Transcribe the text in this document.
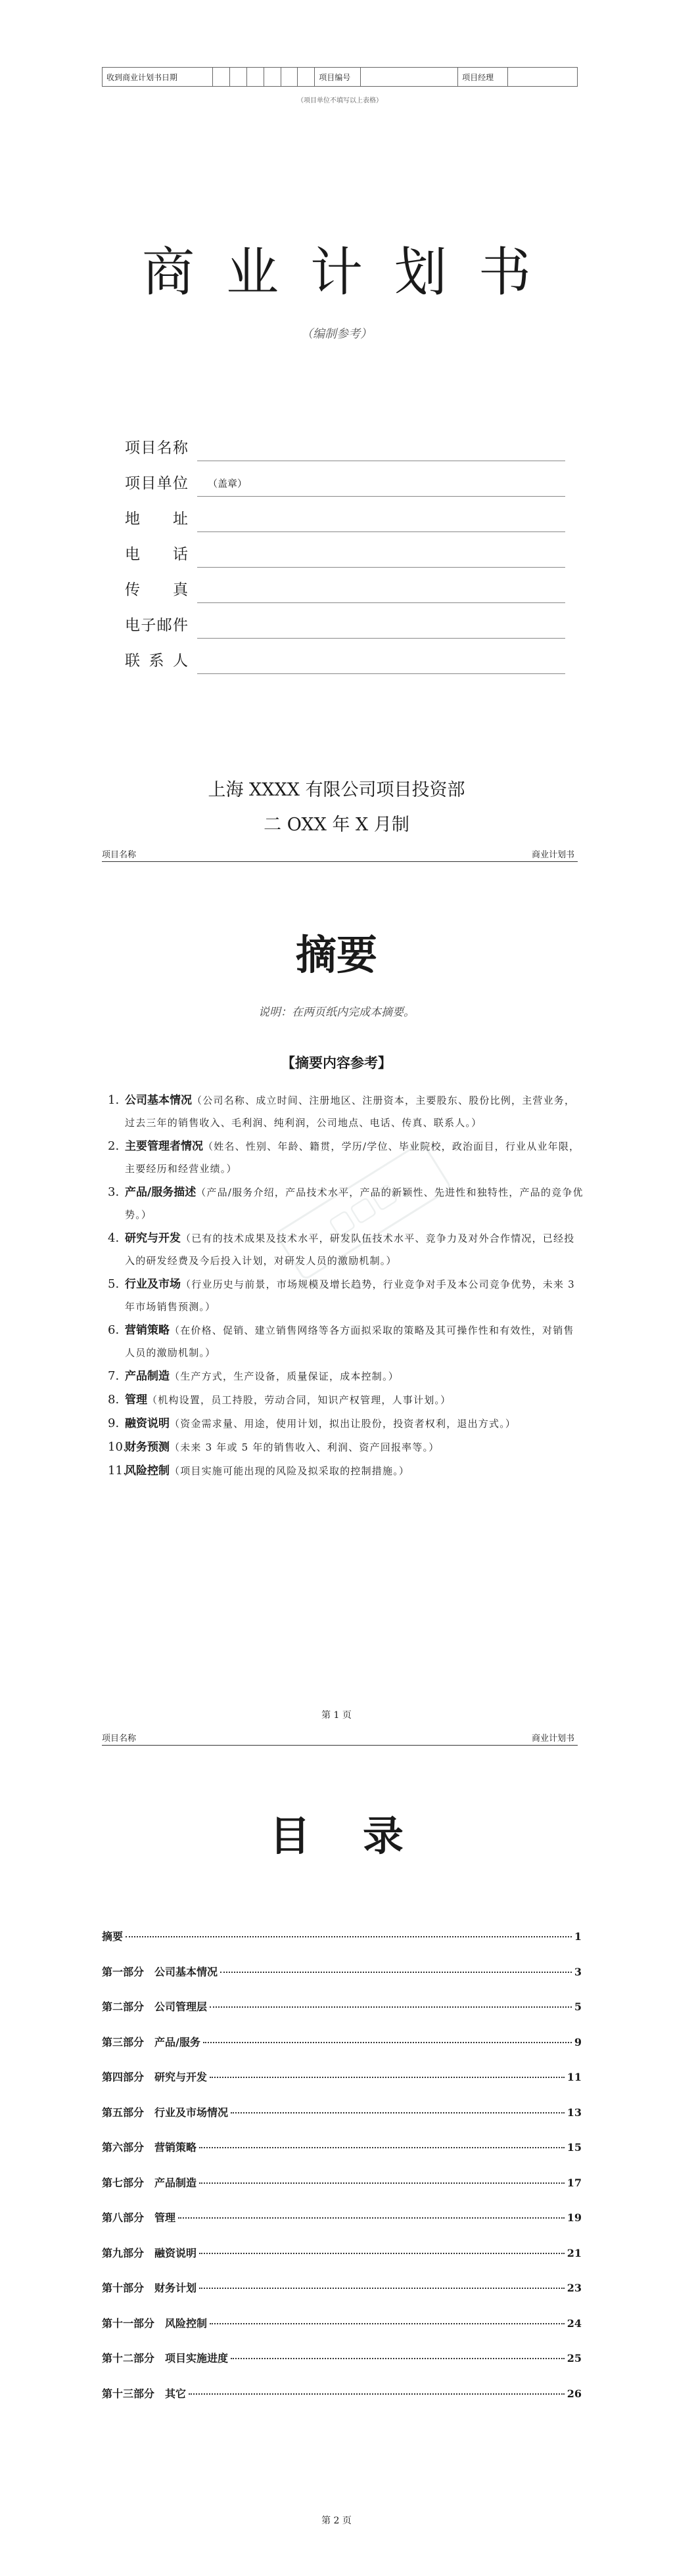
收到商业计划书日期							项目编号		项目经理	
（项目单位不填写以上表格）
商业计划书
（编制参考）
项目名称
项目单位 （盖章）
地址
电话
传真
电子邮件
联系人
上海 XXXX 有限公司项目投资部
二 OXX 年 X 月制
项目名称	商业计划书
摘要
说明：在两页纸内完成本摘要。
【摘要内容参考】
1. 公司基本情况（公司名称、成立时间、注册地区、注册资本，主要股东、股份比例，主营业务，过去三年的销售收入、毛利润、纯利润，公司地点、电话、传真、联系人。）
2. 主要管理者情况（姓名、性别、年龄、籍贯，学历/学位、毕业院校，政治面目，行业从业年限，主要经历和经营业绩。）
3. 产品/服务描述（产品/服务介绍，产品技术水平，产品的新颖性、先进性和独特性，产品的竞争优势。）
4. 研究与开发（已有的技术成果及技术水平，研发队伍技术水平、竞争力及对外合作情况，已经投入的研发经费及今后投入计划，对研发人员的激励机制。）
5. 行业及市场（行业历史与前景，市场规模及增长趋势，行业竞争对手及本公司竞争优势，未来 3 年市场销售预测。）
6. 营销策略（在价格、促销、建立销售网络等各方面拟采取的策略及其可操作性和有效性，对销售人员的激励机制。）
7. 产品制造（生产方式，生产设备，质量保证，成本控制。）
8. 管理（机构设置，员工持股，劳动合同，知识产权管理，人事计划。）
9. 融资说明（资金需求量、用途，使用计划，拟出让股份，投资者权利，退出方式。）
10.
财务预测（未来 3 年或 5 年的销售收入、利润、资产回报率等。）
11.
风险控制（项目实施可能出现的风险及拟采取的控制措施。）
▢▢▢
第 1 页
项目名称	商业计划书
目录
摘要	1
第一部分　公司基本情况	3
第二部分　公司管理层	5
第三部分　产品/服务	9
第四部分　研究与开发	11
第五部分　行业及市场情况	13
第六部分　营销策略	15
第七部分　产品制造	17
第八部分　管理	19
第九部分　融资说明	21
第十部分　财务计划	23
第十一部分　风险控制	24
第十二部分　项目实施进度	25
第十三部分　其它	26
第 2 页
